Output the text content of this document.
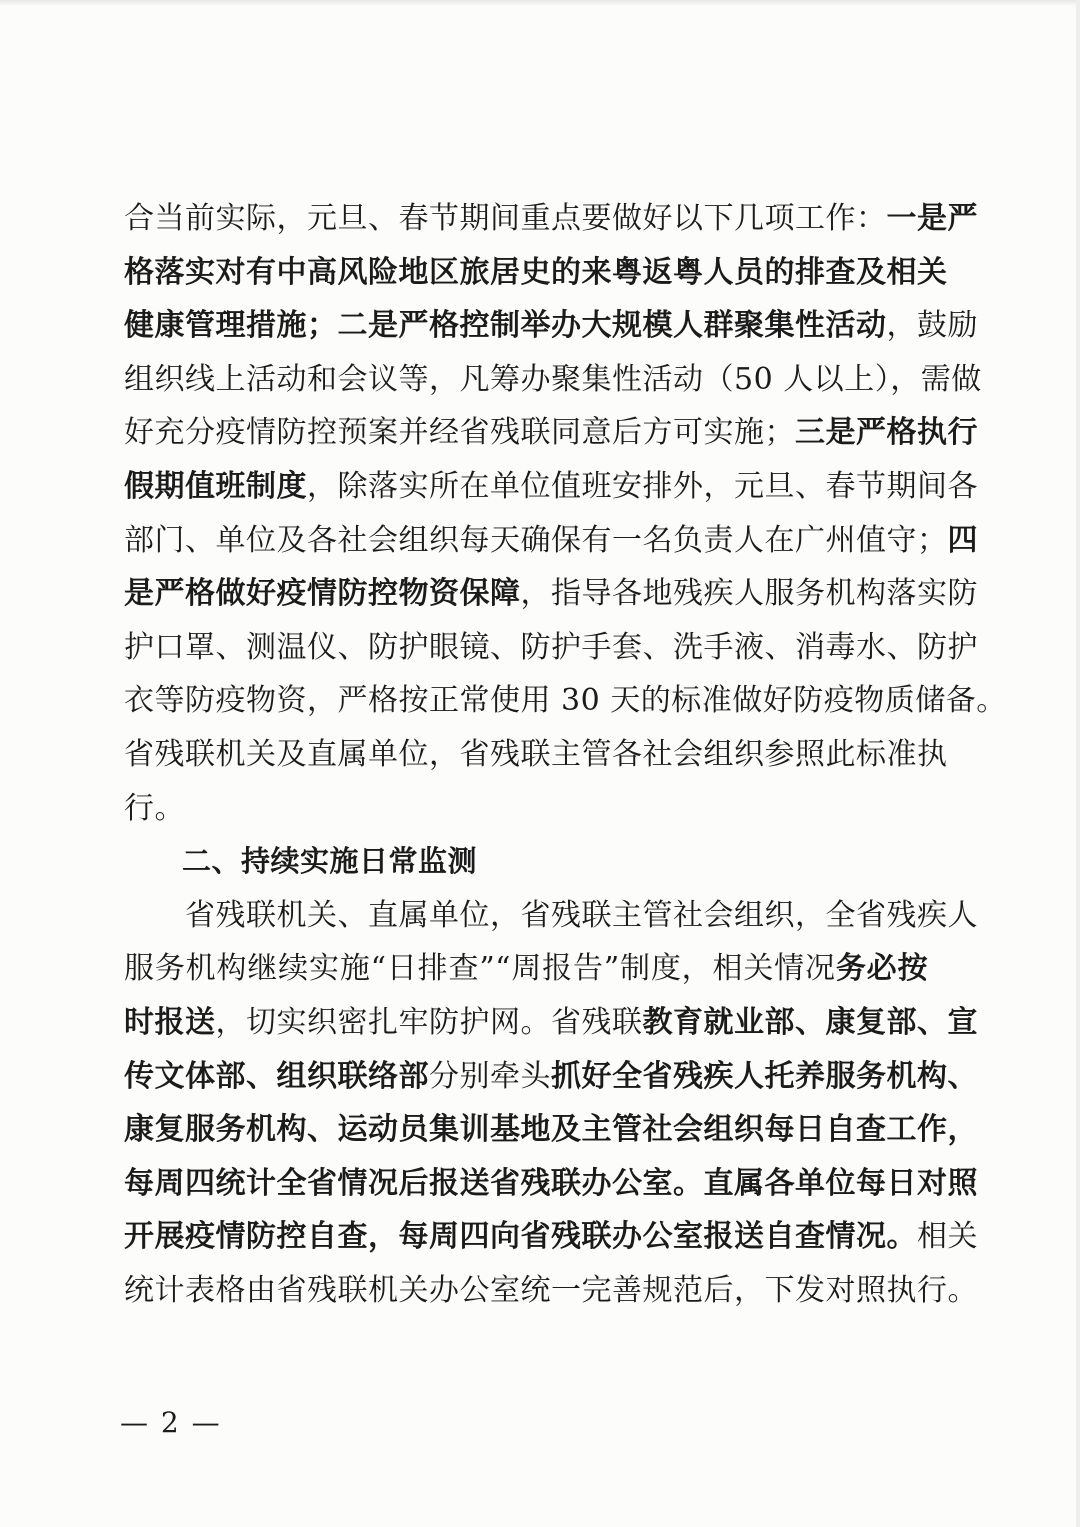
合当前实际，元旦、春节期间重点要做好以下几项工作：一是严
格落实对有中高风险地区旅居史的来粤返粤人员的排查及相关
健康管理措施；二是严格控制举办大规模人群聚集性活动，鼓励
组织线上活动和会议等，凡筹办聚集性活动（50 人以上），需做
好充分疫情防控预案并经省残联同意后方可实施；三是严格执行
假期值班制度，除落实所在单位值班安排外，元旦、春节期间各
部门、单位及各社会组织每天确保有一名负责人在广州值守；四
是严格做好疫情防控物资保障，指导各地残疾人服务机构落实防
护口罩、测温仪、防护眼镜、防护手套、洗手液、消毒水、防护
衣等防疫物资，严格按正常使用 30 天的标准做好防疫物质储备。
省残联机关及直属单位，省残联主管各社会组织参照此标准执
行。
二、持续实施日常监测
　　省残联机关、直属单位，省残联主管社会组织，全省残疾人
服务机构继续实施“日排查”“周报告”制度，相关情况务必按
时报送，切实织密扎牢防护网。省残联教育就业部、康复部、宣
传文体部、组织联络部分别牵头抓好全省残疾人托养服务机构、
康复服务机构、运动员集训基地及主管社会组织每日自查工作，
每周四统计全省情况后报送省残联办公室。直属各单位每日对照
开展疫情防控自查，每周四向省残联办公室报送自查情况。相关
统计表格由省残联机关办公室统一完善规范后，下发对照执行。
— 2 —
